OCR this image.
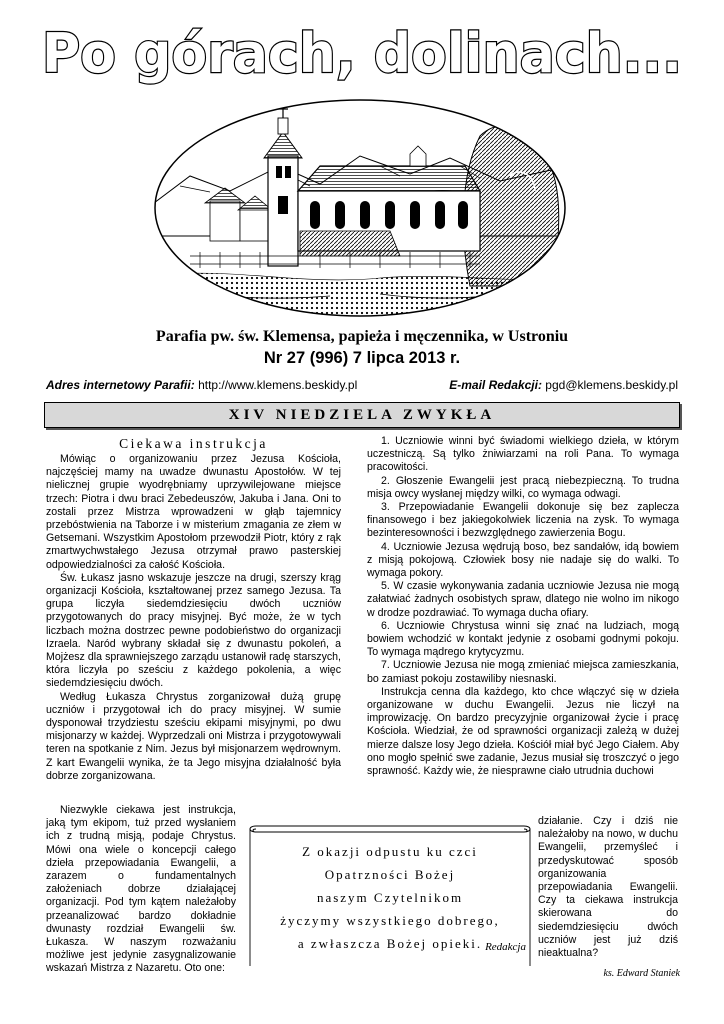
Po górach, dolinach...
Parafia pw. św. Klemensa, papieża i męczennika, w Ustroniu
Nr 27 (996) 7 lipca 2013 r.
Adres internetowy Parafii: http://www.klemens.beskidy.pl	E-mail Redakcji: pgd@klemens.beskidy.pl
XIV NIEDZIELA ZWYKŁA
Ciekawa instrukcja

Mówiąc o organizowaniu przez Jezusa Kościoła, najczęściej mamy na uwadze dwunastu Apostołów. W tej nielicznej grupie wyodrębniamy uprzywilejowane miejsce trzech: Piotra i dwu braci Zebedeuszów, Jakuba i Jana. Oni to zostali przez Mistrza wprowadzeni w głąb tajemnicy przebóstwienia na Taborze i w misterium zmagania ze złem w Getsemani. Wszystkim Apostołom przewodził Piotr, który z rąk zmartwychwstałego Jezusa otrzymał prawo pasterskiej odpowiedzialności za całość Kościoła.

Św. Łukasz jasno wskazuje jeszcze na drugi, szerszy krąg organizacji Kościoła, kształtowanej przez samego Jezusa. Ta grupa liczyła siedemdziesięciu dwóch uczniów przygotowanych do pracy misyjnej. Być może, że w tych liczbach można dostrzec pewne podobieństwo do organizacji Izraela. Naród wybrany składał się z dwunastu pokoleń, a Mojżesz dla sprawniejszego zarządu ustanowił radę starszych, która liczyła po sześciu z każdego pokolenia, a więc siedemdziesięciu dwóch.

Według Łukasza Chrystus zorganizował dużą grupę uczniów i przygotował ich do pracy misyjnej. W sumie dysponował trzydziestu sześciu ekipami misyjnymi, po dwu misjonarzy w każdej. Wyprzedzali oni Mistrza i przygotowywali teren na spotkanie z Nim. Jezus był misjonarzem wędrownym. Z kart Ewangelii wynika, że ta Jego misyjna działalność była dobrze zorganizowana.

Niezwykle ciekawa jest instrukcja, jaką tym ekipom, tuż przed wysłaniem ich z trudną misją, podaje Chrystus. Mówi ona wiele o koncepcji całego dzieła przepowiadania Ewangelii, a zarazem o fundamentalnych założeniach dobrze działającej organizacji. Pod tym kątem należałoby przeanalizować bardzo dokładnie dwunasty rozdział Ewangelii św. Łukasza. W naszym rozważaniu możliwe jest jedynie zasygnalizowanie wskazań Mistrza z Nazaretu. Oto one:

1. Uczniowie winni być świadomi wielkiego dzieła, w którym uczestniczą. Są tylko żniwiarzami na roli Pana. To wymaga pracowitości.

2. Głoszenie Ewangelii jest pracą niebezpieczną. To trudna misja owcy wysłanej między wilki, co wymaga odwagi.

3. Przepowiadanie Ewangelii dokonuje się bez zaplecza finansowego i bez jakiegokolwiek liczenia na zysk. To wymaga bezinteresowności i bezwzględnego zawierzenia Bogu.

4. Uczniowie Jezusa wędrują boso, bez sandałów, idą bowiem z misją pokojową. Człowiek bosy nie nadaje się do walki. To wymaga pokory.

5. W czasie wykonywania zadania uczniowie Jezusa nie mogą załatwiać żadnych osobistych spraw, dlatego nie wolno im nikogo w drodze pozdrawiać. To wymaga ducha ofiary.

6. Uczniowie Chrystusa winni się znać na ludziach, mogą bowiem wchodzić w kontakt jedynie z osobami godnymi pokoju. To wymaga mądrego krytycyzmu.

7. Uczniowie Jezusa nie mogą zmieniać miejsca zamieszkania, bo zamiast pokoju zostawiliby niesnaski.

Instrukcja cenna dla każdego, kto chce włączyć się w dzieła organizowane w duchu Ewangelii. Jezus nie liczył na improwizację. On bardzo precyzyjnie organizował życie i pracę Kościoła. Wiedział, że od sprawności organizacji zależą w dużej mierze dalsze losy Jego dzieła. Kościół miał być Jego Ciałem. Aby ono mogło spełnić swe zadanie, Jezus musiał się troszczyć o jego sprawność. Każdy wie, że niesprawne ciało utrudnia duchowi

działanie. Czy i dziś nie należałoby na nowo, w duchu Ewangelii, przemyśleć i przedyskutować sposób organizowania przepowiadania Ewangelii. Czy ta ciekawa instrukcja skierowana do siedemdziesięciu dwóch uczniów jest już dziś nieaktualna?

Z okazji odpustu ku czci
Opatrzności Bożej
naszym Czytelnikom
życzymy wszystkiego dobrego,
a zwłaszcza Bożej opieki. Redakcja
ks. Edward Staniek
